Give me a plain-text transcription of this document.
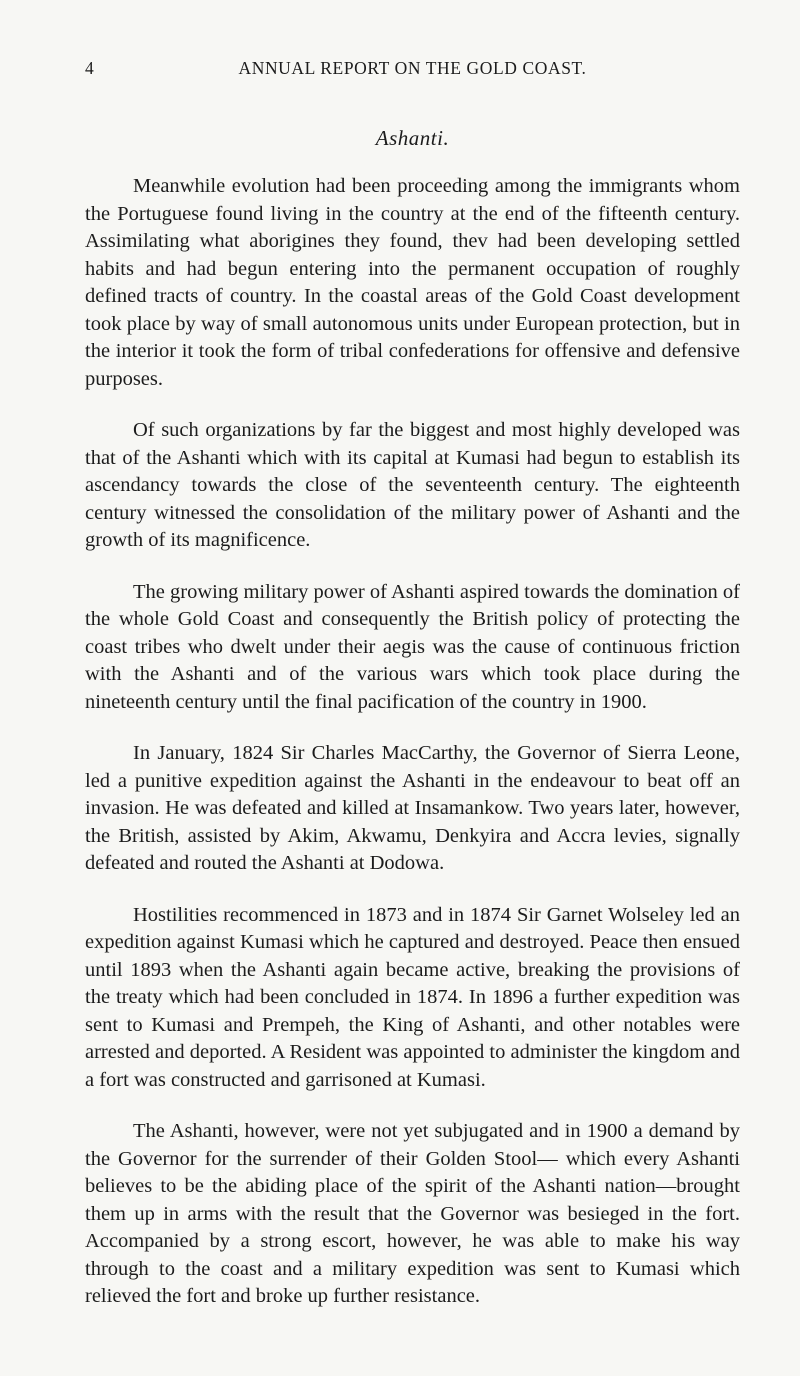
4	ANNUAL REPORT ON THE GOLD COAST.
Ashanti.

Meanwhile evolution had been proceeding among the immigrants whom the Portuguese found living in the country at the end of the fifteenth century. Assimilating what aborigines they found, thev had been developing settled habits and had begun entering into the permanent occupation of roughly defined tracts of country. In the coastal areas of the Gold Coast development took place by way of small autonomous units under European protection, but in the interior it took the form of tribal confederations for offensive and defensive purposes.

Of such organizations by far the biggest and most highly developed was that of the Ashanti which with its capital at Kumasi had begun to establish its ascendancy towards the close of the seventeenth century. The eighteenth century witnessed the consolidation of the military power of Ashanti and the growth of its magnificence.

The growing military power of Ashanti aspired towards the domination of the whole Gold Coast and consequently the British policy of protecting the coast tribes who dwelt under their aegis was the cause of continuous friction with the Ashanti and of the various wars which took place during the nineteenth century until the final pacification of the country in 1900.

In January, 1824 Sir Charles MacCarthy, the Governor of Sierra Leone, led a punitive expedition against the Ashanti in the endeavour to beat off an invasion. He was defeated and killed at Insamankow. Two years later, however, the British, assisted by Akim, Akwamu, Denkyira and Accra levies, signally defeated and routed the Ashanti at Dodowa.

Hostilities recommenced in 1873 and in 1874 Sir Garnet Wolseley led an expedition against Kumasi which he captured and destroyed. Peace then ensued until 1893 when the Ashanti again became active, breaking the provisions of the treaty which had been concluded in 1874. In 1896 a further expedition was sent to Kumasi and Prempeh, the King of Ashanti, and other notables were arrested and deported. A Resident was appointed to administer the kingdom and a fort was constructed and garrisoned at Kumasi.

The Ashanti, however, were not yet subjugated and in 1900 a demand by the Governor for the surrender of their Golden Stool— which every Ashanti believes to be the abiding place of the spirit of the Ashanti nation—brought them up in arms with the result that the Governor was besieged in the fort. Accompanied by a strong escort, however, he was able to make his way through to the coast and a military expedition was sent to Kumasi which relieved the fort and broke up further resistance.
